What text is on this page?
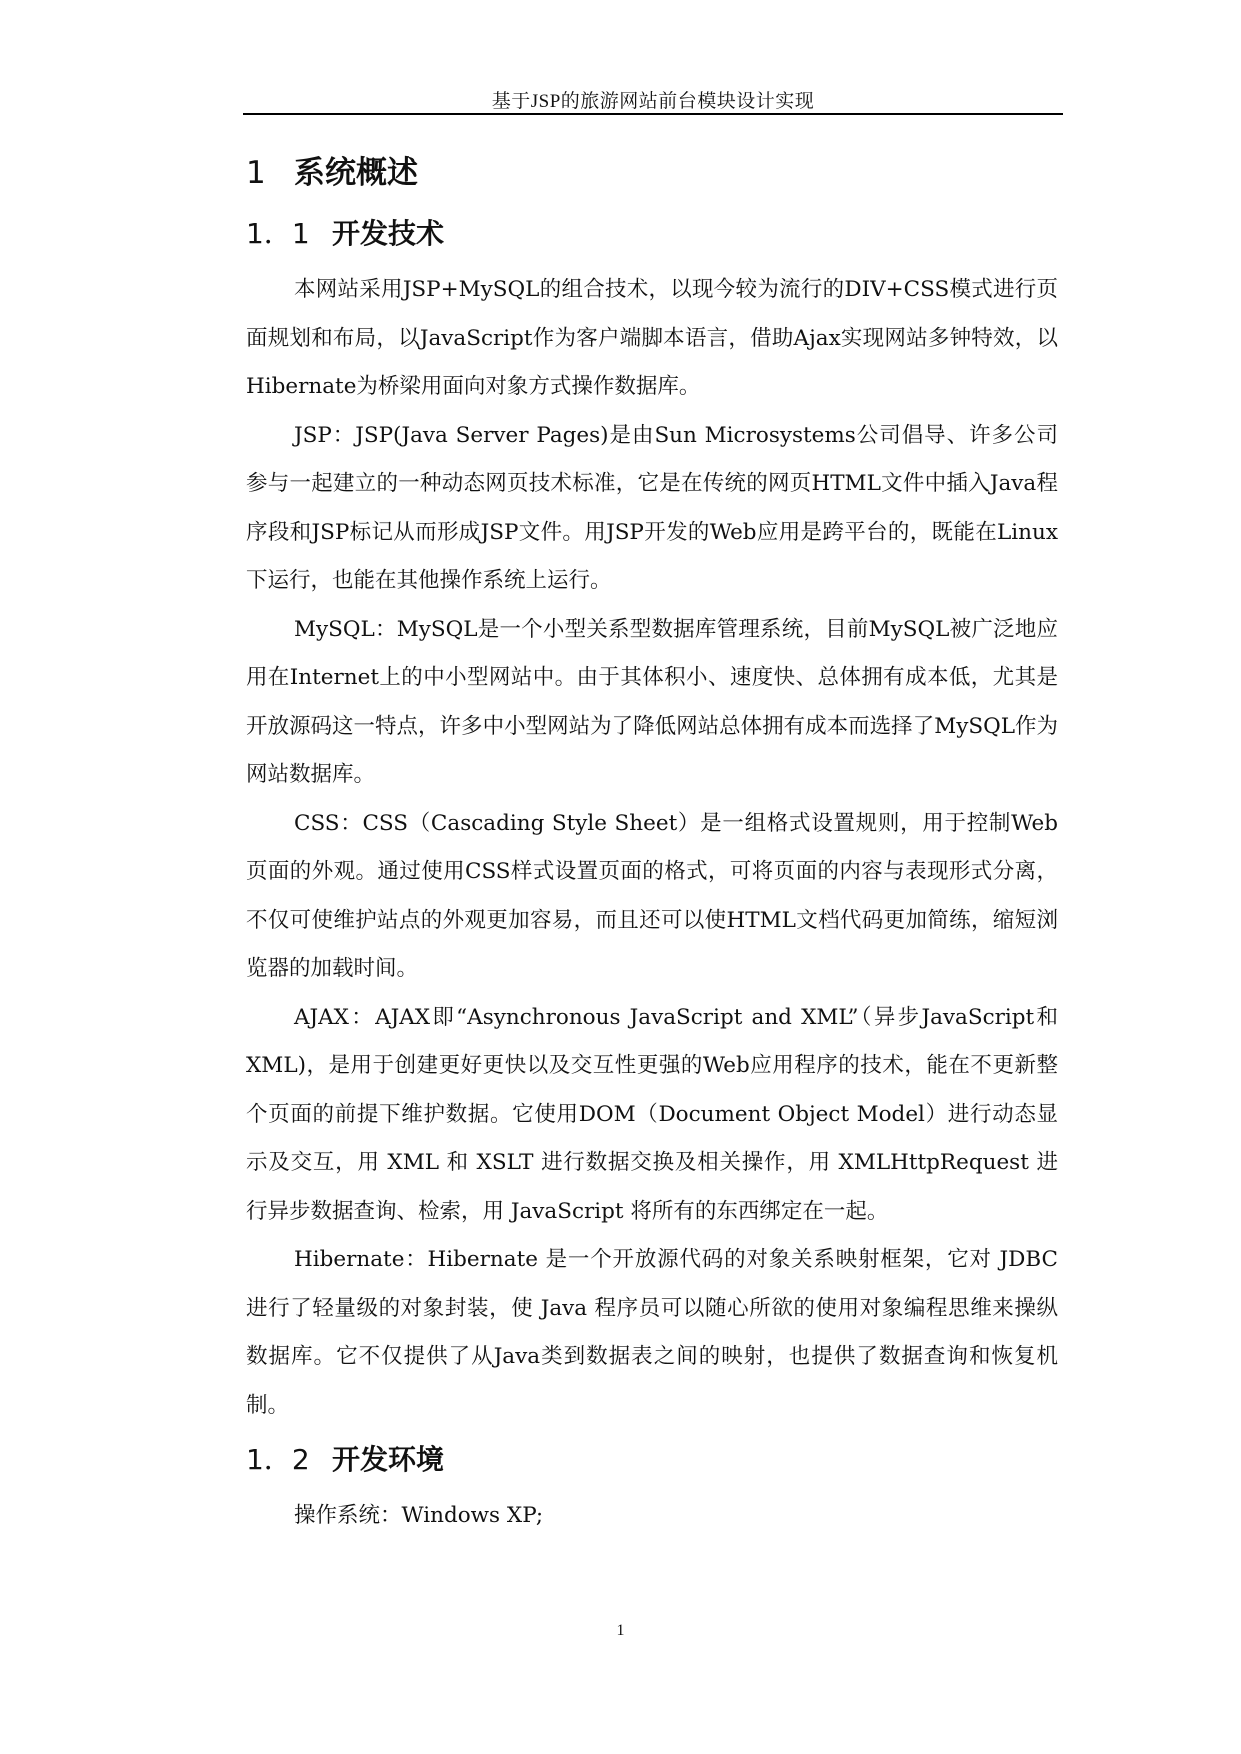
基于JSP的旅游网站前台模块设计实现
1 系统概述
1．1 开发技术

本网站采用JSP+MySQL的组合技术，以现今较为流行的DIV+CSS模式进行页面规划和布局，以JavaScript作为客户端脚本语言，借助Ajax实现网站多钟特效，以Hibernate为桥梁用面向对象方式操作数据库。

JSP：JSP(Java Server Pages)是由Sun Microsystems公司倡导、许多公司参与一起建立的一种动态网页技术标准，它是在传统的网页HTML文件中插入Java程序段和JSP标记从而形成JSP文件。用JSP开发的Web应用是跨平台的，既能在Linux下运行，也能在其他操作系统上运行。

MySQL：MySQL是一个小型关系型数据库管理系统，目前MySQL被广泛地应用在Internet上的中小型网站中。由于其体积小、速度快、总体拥有成本低，尤其是开放源码这一特点，许多中小型网站为了降低网站总体拥有成本而选择了MySQL作为网站数据库。

CSS：CSS（Cascading Style Sheet）是一组格式设置规则，用于控制Web页面的外观。通过使用CSS样式设置页面的格式，可将页面的内容与表现形式分离，不仅可使维护站点的外观更加容易，而且还可以使HTML文档代码更加简练，缩短浏览器的加载时间。

AJAX：AJAX即“Asynchronous JavaScript and XML”（异步JavaScript和XML)，是用于创建更好更快以及交互性更强的Web应用程序的技术，能在不更新整个页面的前提下维护数据。它使用DOM（Document Object Model）进行动态显示及交互，用 XML 和 XSLT 进行数据交换及相关操作，用 XMLHttpRequest 进行异步数据查询、检索，用 JavaScript 将所有的东西绑定在一起。

Hibernate：Hibernate 是一个开放源代码的对象关系映射框架，它对 JDBC 进行了轻量级的对象封装，使 Java 程序员可以随心所欲的使用对象编程思维来操纵数据库。它不仅提供了从Java类到数据表之间的映射，也提供了数据查询和恢复机制。

1．2 开发环境

操作系统：Windows XP;

1
